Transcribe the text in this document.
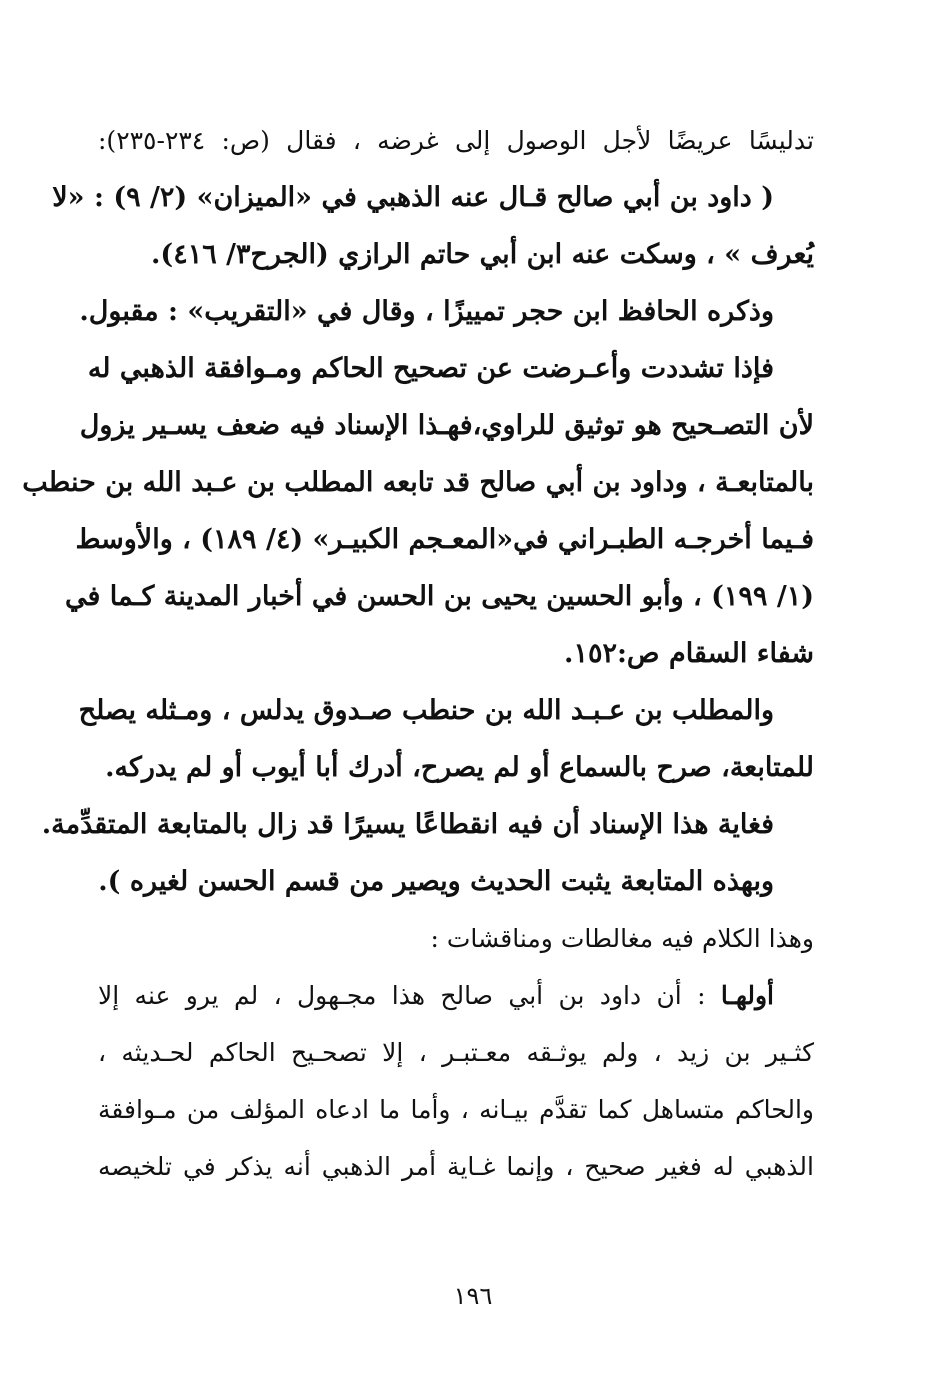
تدليسًا عريضًا لأجل الوصول إلى غرضه ، فقال (ص: ٢٣٤-٢٣٥):
( داود بن أبي صالح قـال عنه الذهبي في «الميزان» (٢/ ٩) : «لا
يُعرف » ، وسكت عنه ابن أبي حاتم الرازي (الجرح٣/ ٤١٦).
وذكره الحافظ ابن حجر تمييزًا ، وقال في «التقريب» : مقبول.
فإذا تشددت وأعـرضت عن تصحيح الحاكم ومـوافقة الذهبي له
لأن التصـحيح هو توثيق للراوي،فهـذا الإسناد فيه ضعف يسـير يزول
بالمتابعـة ، وداود بن أبي صالح قد تابعه المطلب بن عـبد الله بن حنطب
فـيما أخرجـه الطبـراني في«المعـجم الكبيـر» (٤/ ١٨٩) ، والأوسط
(١/ ١٩٩) ، وأبو الحسين يحيى بن الحسن في أخبار المدينة كـما في
شفاء السقام ص:١٥٢.
والمطلب بن عـبـد الله بن حنطب صـدوق يدلس ، ومـثله يصلح
للمتابعة، صرح بالسماع أو لم يصرح، أدرك أبا أيوب أو لم يدركه.
فغاية هذا الإسناد أن فيه انقطاعًا يسيرًا قد زال بالمتابعة المتقدِّمة.
وبهذه المتابعة يثبت الحديث ويصير من قسم الحسن لغيره ).
وهذا الكلام فيه مغالطات ومناقشات :
أولهـا : أن داود بن أبي صالح هذا مجـهول ، لم يرو عنه إلا
كثـير بن زيد ، ولم يوثـقه معـتبـر ، إلا تصحـيح الحاكم لحـديثه ،
والحاكم متساهل كما تقدَّم بيـانه ، وأما ما ادعاه المؤلف من مـوافقة
الذهبي له فغير صحيح ، وإنما غـاية أمر الذهبي أنه يذكر في تلخيصه
١٩٦
